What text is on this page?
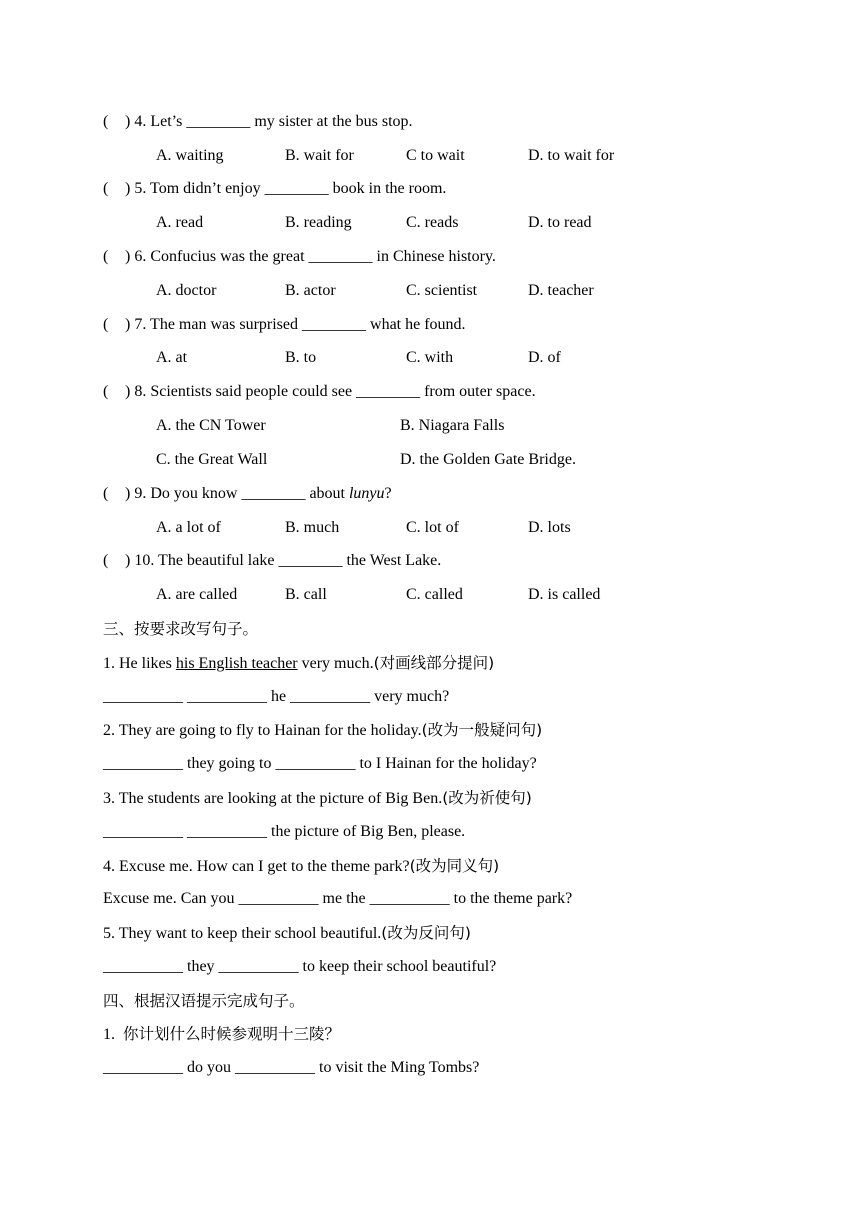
( ) 4. Let’s ________ my sister at the bus stop.
A. waiting	B. wait for	C to wait	D. to wait for
( ) 5. Tom didn’t enjoy ________ book in the room.
A. read	B. reading	C. reads	D. to read
( ) 6. Confucius was the great ________ in Chinese history.
A. doctor	B. actor	C. scientist	D. teacher
( ) 7. The man was surprised ________ what he found.
A. at	B. to	C. with	D. of
( ) 8. Scientists said people could see ________ from outer space.
A. the CN Tower	B. Niagara Falls
C. the Great Wall	D. the Golden Gate Bridge.
( ) 9. Do you know ________ about lunyu?
A. a lot of	B. much	C. lot of	D. lots
( ) 10. The beautiful lake ________ the West Lake.
A. are called	B. call	C. called	D. is called
三、按要求改写句子。
1. He likes his English teacher very much.(对画线部分提问)
__________ __________ he __________ very much?
2. They are going to fly to Hainan for the holiday.(改为一般疑问句)
__________ they going to __________ to I Hainan for the holiday?
3. The students are looking at the picture of Big Ben.(改为祈使句)
__________ __________ the picture of Big Ben, please.
4. Excuse me. How can I get to the theme park?(改为同义句)
Excuse me. Can you __________ me the __________ to the theme park?
5. They want to keep their school beautiful.(改为反问句)
__________ they __________ to keep their school beautiful?
四、根据汉语提示完成句子。
1. 你计划什么时候参观明十三陵？
__________ do you __________ to visit the Ming Tombs?
